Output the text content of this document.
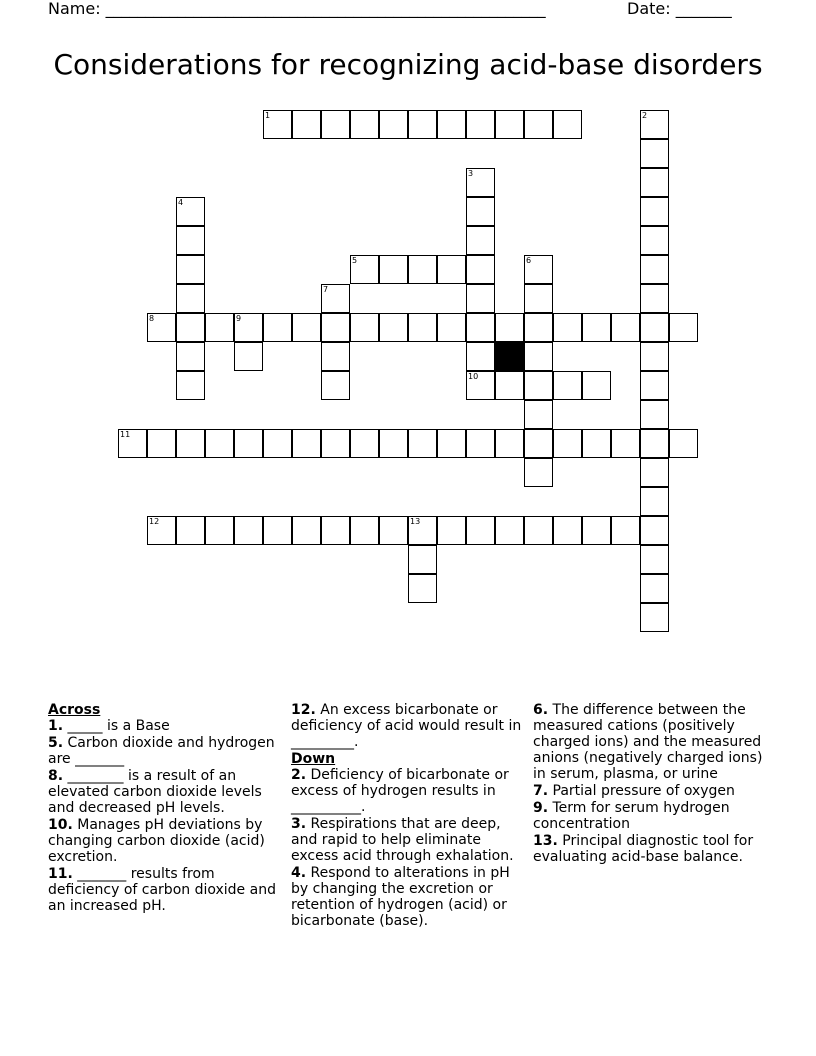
Name: _______________________________________________________	Date: _______
Considerations for recognizing acid-base disorders
1	2
3
10
4
5	6
7
8	9
11
12	13
Across
1. _____ is a Base
5. Carbon dioxide and hydrogen are _______
8. ________ is a result of an elevated carbon dioxide levels and decreased pH levels.
10. Manages pH deviations by changing carbon dioxide (acid) excretion.
11. _______ results from deficiency of carbon dioxide and an increased pH.
12. An excess bicarbonate or deficiency of acid would result in _________.
Down
2. Deficiency of bicarbonate or excess of hydrogen results in __________.
3. Respirations that are deep, and rapid to help eliminate excess acid through exhalation.
4. Respond to alterations in pH by changing the excretion or retention of hydrogen (acid) or bicarbonate (base).
6. The difference between the measured cations (positively charged ions) and the measured anions (negatively charged ions) in serum, plasma, or urine
7. Partial pressure of oxygen
9. Term for serum hydrogen concentration
13. Principal diagnostic tool for evaluating acid-base balance.
